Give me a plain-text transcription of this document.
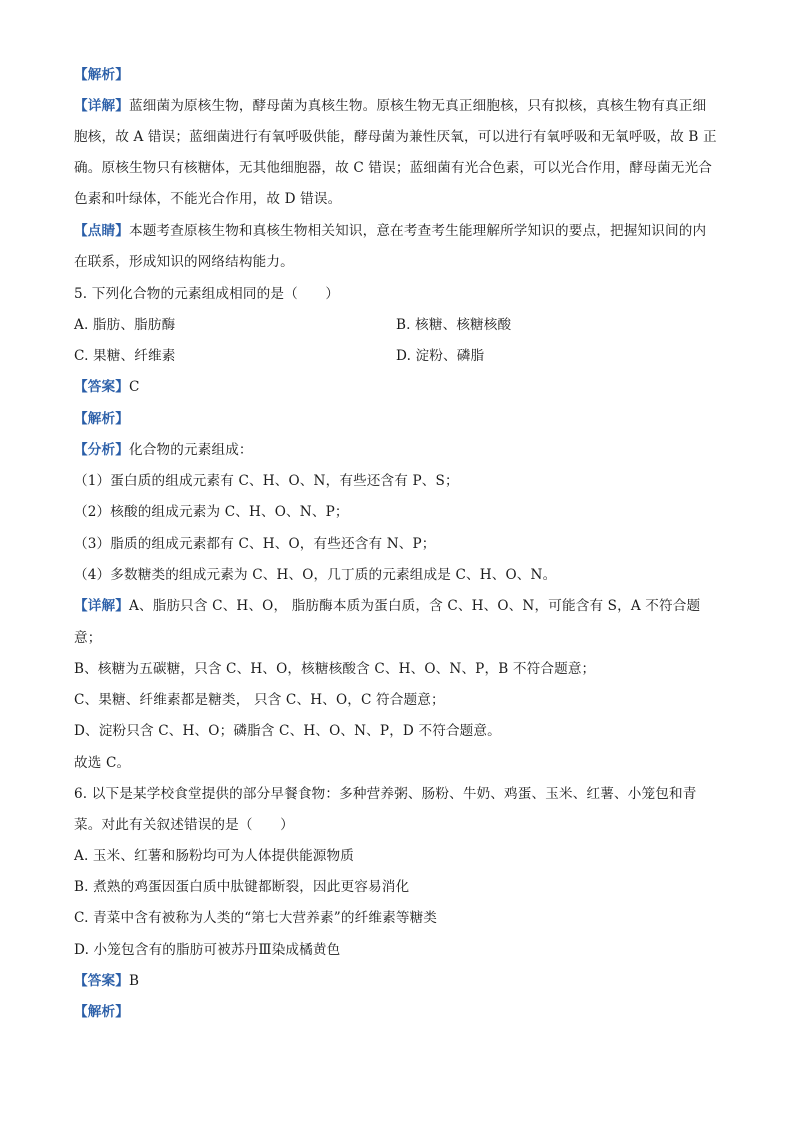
【解析】
【详解】蓝细菌为原核生物，酵母菌为真核生物。原核生物无真正细胞核，只有拟核，真核生物有真正细
胞核，故 A 错误；蓝细菌进行有氧呼吸供能，酵母菌为兼性厌氧，可以进行有氧呼吸和无氧呼吸，故 B 正
确。原核生物只有核糖体，无其他细胞器，故 C 错误；蓝细菌有光合色素，可以光合作用，酵母菌无光合
色素和叶绿体，不能光合作用，故 D 错误。
【点睛】本题考查原核生物和真核生物相关知识，意在考查考生能理解所学知识的要点，把握知识间的内
在联系，形成知识的网络结构能力。
5. 下列化合物的元素组成相同的是（　　）
A. 脂肪、脂肪酶	B. 核糖、核糖核酸
C. 果糖、纤维素	D. 淀粉、磷脂
【答案】C
【解析】
【分析】化合物的元素组成：
（1）蛋白质的组成元素有 C、H、O、N，有些还含有 P、S；
（2）核酸的组成元素为 C、H、O、N、P；
（3）脂质的组成元素都有 C、H、O，有些还含有 N、P；
（4）多数糖类的组成元素为 C、H、O，几丁质的元素组成是 C、H、O、N。
【详解】A、脂肪只含 C、H、O， 脂肪酶本质为蛋白质，含 C、H、O、N，可能含有 S，A 不符合题
意；
B、核糖为五碳糖，只含 C、H、O，核糖核酸含 C、H、O、N、P，B 不符合题意；
C、果糖、纤维素都是糖类， 只含 C、H、O，C 符合题意；
D、淀粉只含 C、H、O；磷脂含 C、H、O、N、P，D 不符合题意。
故选 C。
6. 以下是某学校食堂提供的部分早餐食物：多种营养粥、肠粉、牛奶、鸡蛋、玉米、红薯、小笼包和青
菜。对此有关叙述错误的是（　　）
A. 玉米、红薯和肠粉均可为人体提供能源物质
B. 煮熟的鸡蛋因蛋白质中肽键都断裂，因此更容易消化
C. 青菜中含有被称为人类的“第七大营养素”的纤维素等糖类
D. 小笼包含有的脂肪可被苏丹Ⅲ染成橘黄色
【答案】B
【解析】
